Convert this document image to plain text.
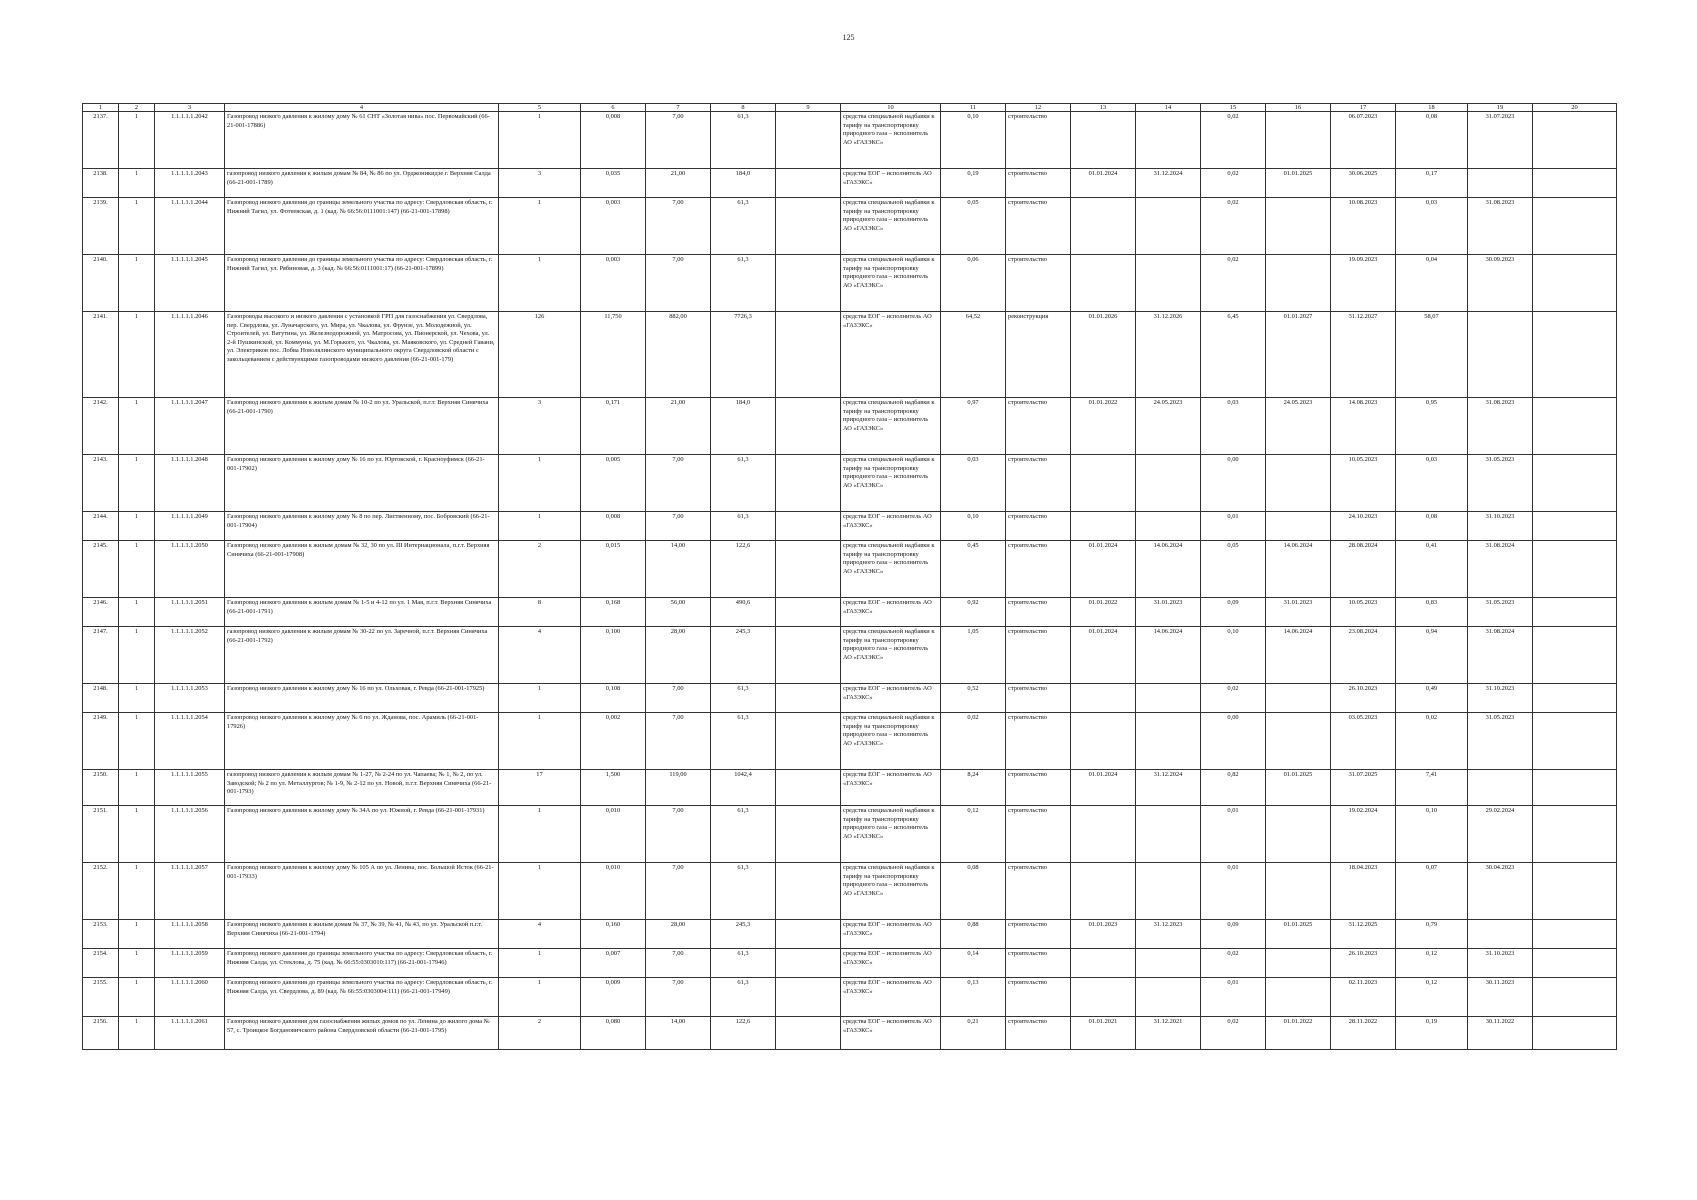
125
1	2	3	4	5	6	7	8	9	10	11	12	13	14	15	16	17	18	19	20
2137.	1	1.1.1.1.1.2042	Газопровод низкого давления к жилому дому № 61 СНТ «Золотая нива» пос. Первомайский (66-21-001-17886)	1	0,008	7,00	61,3		средства специальной надбавки к тарифу на транспортировку природного газа – исполнитель АО «ГАЗЭКС»	0,10	строительство			0,02		06.07.2023	0,08	31.07.2023	
2138.	1	1.1.1.1.1.2043	газопровод низкого давления к жилым домам № 84, № 86 по ул. Орджоникидзе г. Верхняя Салда (66-21-001-1789)	3	0,035	21,00	184,0		средства ЕОГ – исполнитель АО «ГАЗЭКС»	0,19	строительство	01.01.2024	31.12.2024	0,02	01.01.2025	30.06.2025	0,17		
2139.	1	1.1.1.1.1.2044	Газопровод низкого давления до границы земельного участка по адресу: Свердловская область, г. Нижний Тагил, ул. Фотеевская, д. 1 (кад. № 66:56:0111001:147) (66-21-001-17898)	1	0,003	7,00	61,3		средства специальной надбавки к тарифу на транспортировку природного газа – исполнитель АО «ГАЗЭКС»	0,05	строительство			0,02		10.08.2023	0,03	31.08.2023	
2140.	1	1.1.1.1.1.2045	Газопровод низкого давления до границы земельного участка по адресу: Свердловская область, г. Нижний Тагил, ул. Рябиновая, д. 3 (кад. № 66:56:0111001:17) (66-21-001-17899)	1	0,003	7,00	61,3		средства специальной надбавки к тарифу на транспортировку природного газа – исполнитель АО «ГАЗЭКС»	0,06	строительство			0,02		19.09.2023	0,04	30.09.2023	
2141.	1	1.1.1.1.1.2046	Газопроводы высокого и низкого давления с установкой ГРП для газоснабжения ул. Свердлова, пер. Свердлова, ул. Луначарского, ул. Мира, ул. Чкалова, ул. Фрунзе, ул. Молодежной, ул. Строителей, ул. Ватутина, ул. Железнодорожной, ул. Матросова, ул. Пионерской, ул. Чехова, ул. 2-й Пушкинской, ул. Коммуны, ул. М.Горького, ул. Чкалова, ул. Маяковского, ул. Средней Гавани, ул. Электриков пос. Лобва Новолялинского муниципального округа Свердловской области с закольцеванием с действующими газопроводами низкого давления (66-21-001-179)	126	11,750	882,00	7726,3		средства ЕОГ – исполнитель АО «ГАЗЭКС»	64,52	реконструкция	01.01.2026	31.12.2026	6,45	01.01.2027	31.12.2027	58,07		
2142.	1	1.1.1.1.1.2047	Газопровод низкого давления к жилым домам № 10-2 по ул. Уральской, п.г.т. Верхняя Синячиха (66-21-001-1790)	3	0,171	21,00	184,0		средства специальной надбавки к тарифу на транспортировку природного газа – исполнитель АО «ГАЗЭКС»	0,97	строительство	01.01.2022	24.05.2023	0,03	24.05.2023	14.08.2023	0,95	31.08.2023	
2143.	1	1.1.1.1.1.2048	Газопровод низкого давления к жилому дому № 16 по ул. Юртовской, г. Красноуфимск (66-21-001-17902)	1	0,005	7,00	61,3		средства специальной надбавки к тарифу на транспортировку природного газа – исполнитель АО «ГАЗЭКС»	0,03	строительство			0,00		10.05.2023	0,03	31.05.2023	
2144.	1	1.1.1.1.1.2049	Газопровод низкого давления к жилому дому № 8 по пер. Лиственному, пос. Бобровский (66-21-001-17904)	1	0,008	7,00	61,3		средства ЕОГ – исполнитель АО «ГАЗЭКС»	0,10	строительство			0,01		24.10.2023	0,08	31.10.2023	
2145.	1	1.1.1.1.1.2050	Газопровод низкого давления к жилым домам № 32, 30 по ул. III Интернационала, п.г.т. Верхняя Синячиха (66-21-001-17908)	2	0,015	14,00	122,6		средства специальной надбавки к тарифу на транспортировку природного газа – исполнитель АО «ГАЗЭКС»	0,45	строительство	01.01.2024	14.06.2024	0,05	14.06.2024	28.08.2024	0,41	31.08.2024	
2146.	1	1.1.1.1.1.2051	Газопровод низкого давления к жилым домам № 1-5 и 4-12 по ул. 1 Мая, п.г.т. Верхняя Синячиха (66-21-001-1791)	8	0,168	56,00	490,6		средства ЕОГ – исполнитель АО «ГАЗЭКС»	0,92	строительство	01.01.2022	31.01.2023	0,09	31.01.2023	10.05.2023	0,83	31.05.2023	
2147.	1	1.1.1.1.1.2052	газопровод низкого давления к жилым домам № 30-22 по ул. Заречной, п.г.т. Верхняя Синячиха (66-21-001-1792)	4	0,100	28,00	245,3		средства специальной надбавки к тарифу на транспортировку природного газа – исполнитель АО «ГАЗЭКС»	1,05	строительство	01.01.2024	14.06.2024	0,10	14.06.2024	23.08.2024	0,94	31.08.2024	
2148.	1	1.1.1.1.1.2053	Газопровод низкого давления к жилому дому № 16 по ул. Ольховая, г. Ревда (66-21-001-17925)	1	0,108	7,00	61,3		средства ЕОГ – исполнитель АО «ГАЗЭКС»	0,52	строительство			0,02		26.10.2023	0,49	31.10.2023	
2149.	1	1.1.1.1.1.2054	Газопровод низкого давления к жилому дому № 6 по ул. Жданова, пос. Арамиль (66-21-001-17926)	1	0,002	7,00	61,3		средства специальной надбавки к тарифу на транспортировку природного газа – исполнитель АО «ГАЗЭКС»	0,02	строительство			0,00		03.05.2023	0,02	31.05.2023	
2150.	1	1.1.1.1.1.2055	газопровод низкого давления к жилым домам № 1-27, № 2-24 по ул. Чапаева; № 1, № 2, по ул. Заводской; № 2 по ул. Металлургов; № 1-9, № 2-12 по ул. Новой, п.г.т. Верхняя Синячиха (66-21-001-1793)	17	1,500	119,00	1042,4		средства ЕОГ – исполнитель АО «ГАЗЭКС»	8,24	строительство	01.01.2024	31.12.2024	0,82	01.01.2025	31.07.2025	7,41		
2151.	1	1.1.1.1.1.2056	Газопровод низкого давления к жилому дому № 34А по ул. Южной, г. Ревда (66-21-001-17931)	1	0,010	7,00	61,3		средства специальной надбавки к тарифу на транспортировку природного газа – исполнитель АО «ГАЗЭКС»	0,12	строительство			0,01		19.02.2024	0,10	29.02.2024	
2152.	1	1.1.1.1.1.2057	Газопровод низкого давления к жилому дому № 105 А по ул. Ленина, пос. Большой Исток (66-21-001-17933)	1	0,010	7,00	61,3		средства специальной надбавки к тарифу на транспортировку природного газа – исполнитель АО «ГАЗЭКС»	0,08	строительство			0,01		18.04.2023	0,07	30.04.2023	
2153.	1	1.1.1.1.1.2058	Газопровод низкого давления к жилым домам № 37, № 39, № 41, № 43, по ул. Уральской п.г.т. Верхняя Синячиха (66-21-001-1794)	4	0,160	28,00	245,3		средства ЕОГ – исполнитель АО «ГАЗЭКС»	0,88	строительство	01.01.2023	31.12.2023	0,09	01.01.2025	31.12.2025	0,79		
2154.	1	1.1.1.1.1.2059	Газопровод низкого давления до границы земельного участка по адресу: Свердловская область, г. Нижняя Салда, ул. Стеклова, д. 75 (кад. № 66:55:0303010:117) (66-21-001-17946)	1	0,007	7,00	61,3		средства ЕОГ – исполнитель АО «ГАЗЭКС»	0,14	строительство			0,02		26.10.2023	0,12	31.10.2023	
2155.	1	1.1.1.1.1.2060	Газопровод низкого давления до границы земельного участка по адресу: Свердловская область, г. Нижняя Салда, ул. Свердлова, д. 89 (кад. № 66:55:0303004:111) (66-21-001-17949)	1	0,009	7,00	61,3		средства ЕОГ – исполнитель АО «ГАЗЭКС»	0,13	строительство			0,01		02.11.2023	0,12	30.11.2023	
2156.	1	1.1.1.1.1.2061	Газопровод низкого давления для газоснабжения жилых домов по ул. Ленина до жилого дома № 57, с. Троицкое Богдановичского района Свердловской области (66-21-001-1795)	2	0,080	14,00	122,6		средства ЕОГ – исполнитель АО «ГАЗЭКС»	0,21	строительство	01.01.2021	31.12.2021	0,02	01.01.2022	28.11.2022	0,19	30.11.2022	
